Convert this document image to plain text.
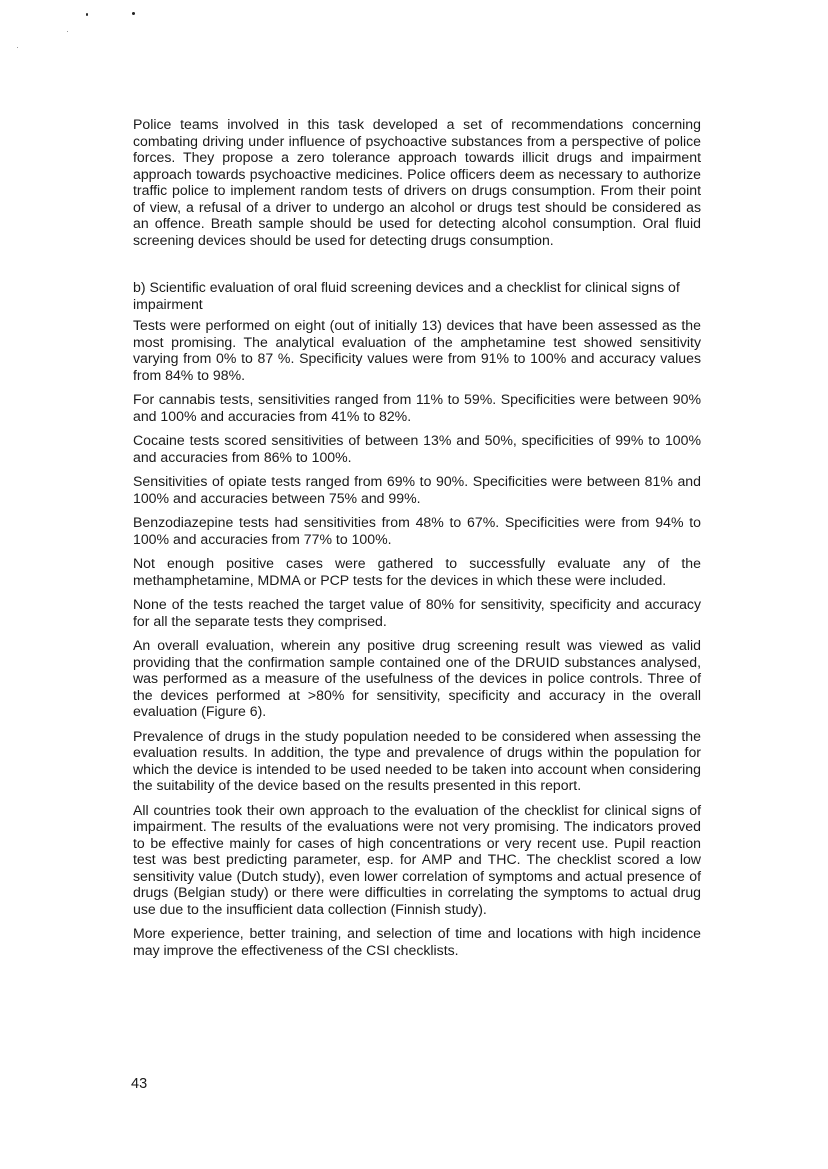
Police teams involved in this task developed a set of recommendations concerning combating driving under influence of psychoactive substances from a perspective of police forces. They propose a zero tolerance approach towards illicit drugs and impairment approach towards psychoactive medicines. Police officers deem as necessary to authorize traffic police to implement random tests of drivers on drugs consumption. From their point of view, a refusal of a driver to undergo an alcohol or drugs test should be considered as an offence. Breath sample should be used for detecting alcohol consumption. Oral fluid screening devices should be used for detecting drugs consumption.

b) Scientific evaluation of oral fluid screening devices and a checklist for clinical signs of impairment

Tests were performed on eight (out of initially 13) devices that have been assessed as the most promising. The analytical evaluation of the amphetamine test showed sensitivity varying from 0% to 87 %. Specificity values were from 91% to 100% and accuracy values from 84% to 98%.

For cannabis tests, sensitivities ranged from 11% to 59%. Specificities were between 90% and 100% and accuracies from 41% to 82%.

Cocaine tests scored sensitivities of between 13% and 50%, specificities of 99% to 100% and accuracies from 86% to 100%.

Sensitivities of opiate tests ranged from 69% to 90%. Specificities were between 81% and 100% and accuracies between 75% and 99%.

Benzodiazepine tests had sensitivities from 48% to 67%. Specificities were from 94% to 100% and accuracies from 77% to 100%.

Not enough positive cases were gathered to successfully evaluate any of the methamphetamine, MDMA or PCP tests for the devices in which these were included.

None of the tests reached the target value of 80% for sensitivity, specificity and accuracy for all the separate tests they comprised.

An overall evaluation, wherein any positive drug screening result was viewed as valid providing that the confirmation sample contained one of the DRUID substances analysed, was performed as a measure of the usefulness of the devices in police controls. Three of the devices performed at >80% for sensitivity, specificity and accuracy in the overall evaluation (Figure 6).

Prevalence of drugs in the study population needed to be considered when assessing the evaluation results. In addition, the type and prevalence of drugs within the population for which the device is intended to be used needed to be taken into account when considering the suitability of the device based on the results presented in this report.

All countries took their own approach to the evaluation of the checklist for clinical signs of impairment. The results of the evaluations were not very promising. The indicators proved to be effective mainly for cases of high concentrations or very recent use. Pupil reaction test was best predicting parameter, esp. for AMP and THC. The checklist scored a low sensitivity value (Dutch study), even lower correlation of symptoms and actual presence of drugs (Belgian study) or there were difficulties in correlating the symptoms to actual drug use due to the insufficient data collection (Finnish study).

More experience, better training, and selection of time and locations with high incidence may improve the effectiveness of the CSI checklists.

43
